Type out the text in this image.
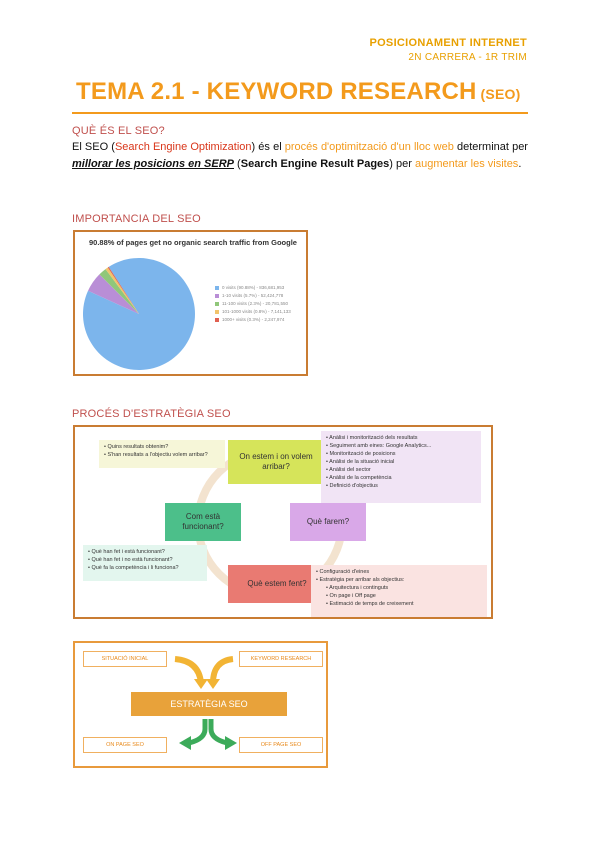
POSICIONAMENT INTERNET
2N CARRERA - 1R TRIM
TEMA 2.1 - KEYWORD RESEARCH (SEO)
QUÈ ÉS EL SEO?
El SEO (Search Engine Optimization) és el procés d'optimització d'un lloc web determinat per millorar les posicions en SERP (Search Engine Result Pages) per augmentar les visites.
IMPORTANCIA DEL SEO
90.88% of pages get no organic search traffic from Google
0 visits (90.88%) - 836,681,953
1-10 visits (5.7%) - 52,424,778
11-100 visits (2.3%) - 20,781,550
101-1000 visits (0.8%) - 7,141,133
1000+ visits (0.3%) - 2,247,974
PROCÉS D'ESTRATÈGIA SEO
On estem i on volem arribar?
Què farem?
Què estem fent?
Com està funcionant?
• Quins resultats obtenim?
• S'han resultats a l'objectiu volem arribar?
• Anàlisi i monitorització dels resultats
• Seguiment amb eines: Google Analytics...
• Monitorització de posicions
• Anàlisi de la situació inicial
• Anàlisi del sector
• Anàlisi de la competència
• Definició d'objectius
• Què han fet i està funcionant?
• Què han fet i no està funcionant?
• Què fa la competència i li funciona?
• Configuració d'eines
• Estratègia per arribar als objectius:
• Arquitectura i continguts
• On page i Off page
• Estimació de temps de creixement
SITUACIÓ INICIAL	KEYWORD RESEARCH
ESTRATÈGIA SEO
ON PAGE SEO	OFF PAGE SEO
